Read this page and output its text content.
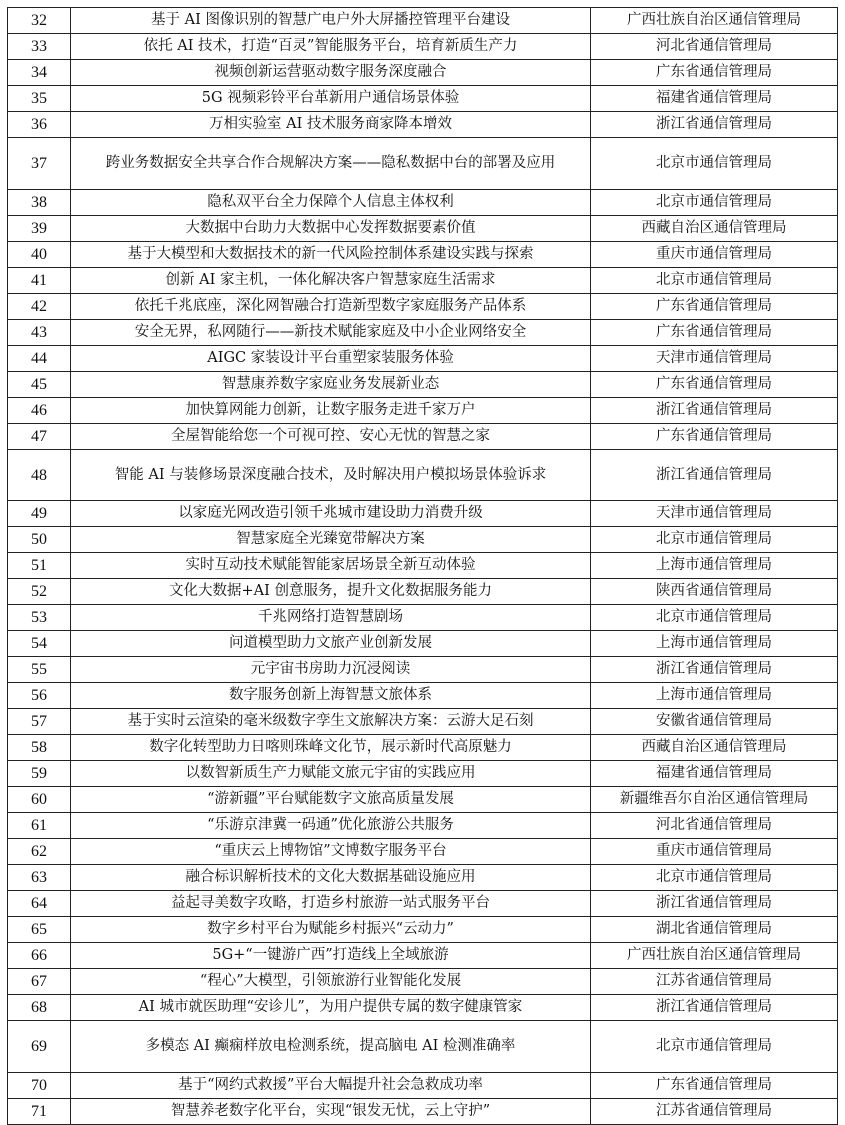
32	基于 AI 图像识别的智慧广电户外大屏播控管理平台建设	广西壮族自治区通信管理局
33	依托 AI 技术，打造“百灵”智能服务平台，培育新质生产力	河北省通信管理局
34	视频创新运营驱动数字服务深度融合	广东省通信管理局
35	5G 视频彩铃平台革新用户通信场景体验	福建省通信管理局
36	万相实验室 AI 技术服务商家降本增效	浙江省通信管理局
37	跨业务数据安全共享合作合规解决方案——隐私数据中台的部署及应用	北京市通信管理局
38	隐私双平台全力保障个人信息主体权利	北京市通信管理局
39	大数据中台助力大数据中心发挥数据要素价值	西藏自治区通信管理局
40	基于大模型和大数据技术的新一代风险控制体系建设实践与探索	重庆市通信管理局
41	创新 AI 家主机，一体化解决客户智慧家庭生活需求	北京市通信管理局
42	依托千兆底座，深化网智融合打造新型数字家庭服务产品体系	广东省通信管理局
43	安全无界，私网随行——新技术赋能家庭及中小企业网络安全	广东省通信管理局
44	AIGC 家装设计平台重塑家装服务体验	天津市通信管理局
45	智慧康养数字家庭业务发展新业态	广东省通信管理局
46	加快算网能力创新，让数字服务走进千家万户	浙江省通信管理局
47	全屋智能给您一个可视可控、安心无忧的智慧之家	广东省通信管理局
48	智能 AI 与装修场景深度融合技术，及时解决用户模拟场景体验诉求	浙江省通信管理局
49	以家庭光网改造引领千兆城市建设助力消费升级	天津市通信管理局
50	智慧家庭全光臻宽带解决方案	北京市通信管理局
51	实时互动技术赋能智能家居场景全新互动体验	上海市通信管理局
52	文化大数据+AI 创意服务，提升文化数据服务能力	陕西省通信管理局
53	千兆网络打造智慧剧场	北京市通信管理局
54	问道模型助力文旅产业创新发展	上海市通信管理局
55	元宇宙书房助力沉浸阅读	浙江省通信管理局
56	数字服务创新上海智慧文旅体系	上海市通信管理局
57	基于实时云渲染的毫米级数字孪生文旅解决方案：云游大足石刻	安徽省通信管理局
58	数字化转型助力日喀则珠峰文化节，展示新时代高原魅力	西藏自治区通信管理局
59	以数智新质生产力赋能文旅元宇宙的实践应用	福建省通信管理局
60	“游新疆”平台赋能数字文旅高质量发展	新疆维吾尔自治区通信管理局
61	“乐游京津冀一码通”优化旅游公共服务	河北省通信管理局
62	“重庆云上博物馆”文博数字服务平台	重庆市通信管理局
63	融合标识解析技术的文化大数据基础设施应用	北京市通信管理局
64	益起寻美数字攻略，打造乡村旅游一站式服务平台	浙江省通信管理局
65	数字乡村平台为赋能乡村振兴“云动力”	湖北省通信管理局
66	5G+“一键游广西”打造线上全域旅游	广西壮族自治区通信管理局
67	“程心”大模型，引领旅游行业智能化发展	江苏省通信管理局
68	AI 城市就医助理“安诊儿”，为用户提供专属的数字健康管家	浙江省通信管理局
69	多模态 AI 癫痫样放电检测系统，提高脑电 AI 检测准确率	北京市通信管理局
70	基于“网约式救援”平台大幅提升社会急救成功率	广东省通信管理局
71	智慧养老数字化平台，实现“银发无忧，云上守护”	江苏省通信管理局
